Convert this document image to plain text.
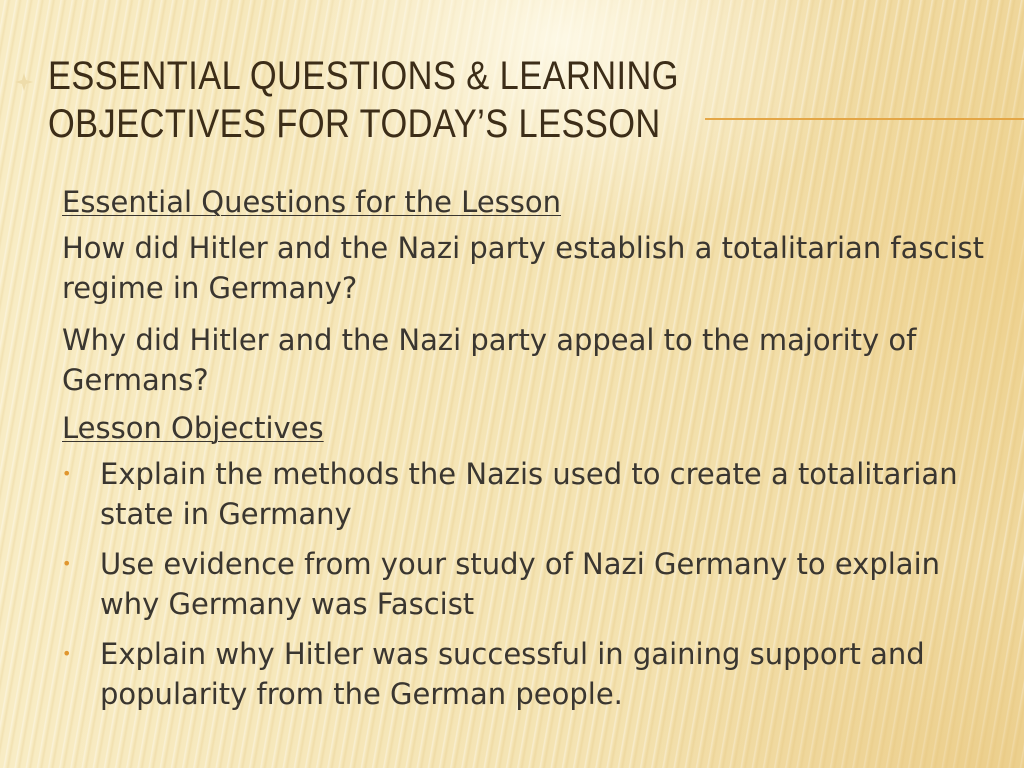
ESSENTIAL QUESTIONS & LEARNING
OBJECTIVES FOR TODAY’S LESSON
Essential Questions for the Lesson
How did Hitler and the Nazi party establish a totalitarian fascist regime in Germany?
Why did Hitler and the Nazi party appeal to the majority of Germans?
Lesson Objectives
• Explain the methods the Nazis used to create a totalitarian state in Germany
• Use evidence from your study of Nazi Germany to explain why Germany was Fascist
• Explain why Hitler was successful in gaining support and popularity from the German people.
